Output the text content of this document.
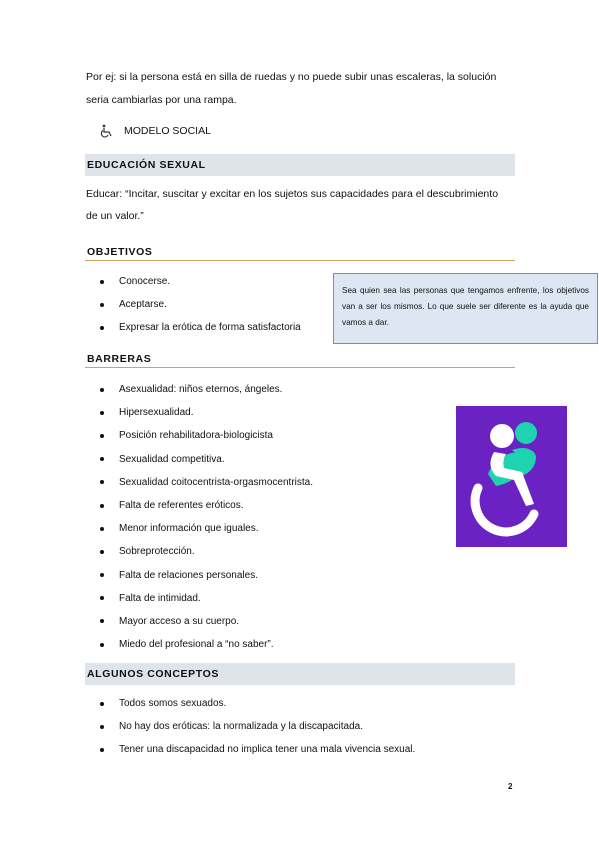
Por ej: si la persona está en silla de ruedas y no puede subir unas escaleras, la solución
seria cambiarlas por una rampa.
MODELO SOCIAL
EDUCACIÓN SEXUAL
Educar: “Incitar, suscitar y excitar en los sujetos sus capacidades para el descubrimiento
de un valor.”
OBJETIVOS
Conocerse.
Aceptarse.
Expresar la erótica de forma satisfactoria
Sea quien sea las personas que tengamos enfrente, los objetivos van a ser los mismos. Lo que suele ser diferente es la ayuda que vamos a dar.
BARRERAS
Asexualidad: niños eternos, ángeles.
Hipersexualidad.
Posición rehabilitadora-biologicista
Sexualidad competitiva.
Sexualidad coitocentrista-orgasmocentrista.
Falta de referentes eróticos.
Menor información que iguales.
Sobreprotección.
Falta de relaciones personales.
Falta de intimidad.
Mayor acceso a su cuerpo.
Miedo del profesional a “no saber”.
ALGUNOS CONCEPTOS
Todos somos sexuados.
No hay dos eróticas: la normalizada y la discapacitada.
Tener una discapacidad no implica tener una mala vivencia sexual.
2
